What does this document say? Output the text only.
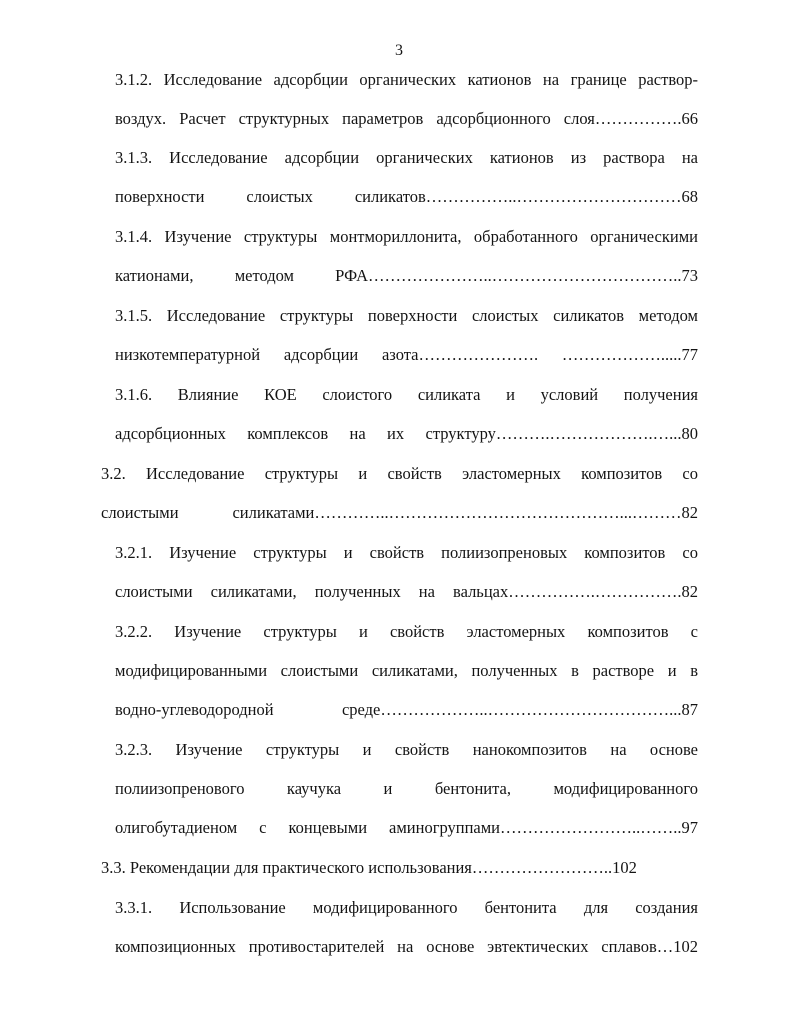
3
3.1.2. Исследование адсорбции органических катионов на границе раствор-
воздух. Расчет структурных параметров адсорбционного слоя…………….66
3.1.3. Исследование адсорбции органических катионов из раствора на
поверхности слоистых силикатов……………..…………………………68
3.1.4. Изучение структуры монтмориллонита, обработанного органическими
катионами, методом РФА…………………..……………………………..73
3.1.5. Исследование структуры поверхности слоистых силикатов методом
низкотемпературной адсорбции азота…………………. ……………….....77
3.1.6. Влияние КОЕ слоистого силиката и условий получения
адсорбционных комплексов на их структуру……….……………….…...80
3.2. Исследование структуры и свойств эластомерных композитов со
слоистыми силикатами…………..……………………………………...………82
3.2.1. Изучение структуры и свойств полиизопреновых композитов со
слоистыми силикатами, полученных на вальцах…………….…………….82
3.2.2. Изучение структуры и свойств эластомерных композитов с
модифицированными слоистыми силикатами, полученных в растворе и в
водно-углеводородной среде………………..……………………………...87
3.2.3. Изучение структуры и свойств нанокомпозитов на основе
полиизопренового каучука и бентонита, модифицированного
олигобутадиеном с концевыми аминогруппами……………………..……..97
3.3. Рекомендации для практического использования……………………..102
3.3.1. Использование модифицированного бентонита для создания
композиционных противостарителей на основе эвтектических сплавов…102
